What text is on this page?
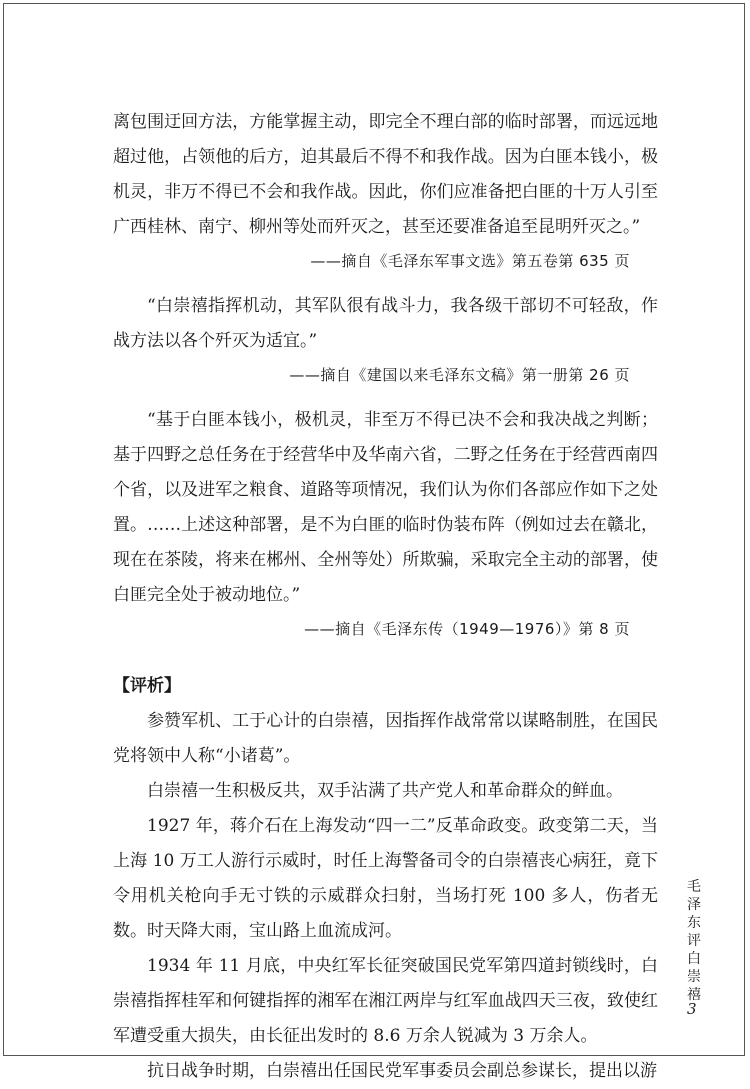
离包围迂回方法，方能掌握主动，即完全不理白部的临时部署，而远远地超过他，占领他的后方，迫其最后不得不和我作战。因为白匪本钱小，极机灵，非万不得已不会和我作战。因此，你们应准备把白匪的十万人引至广西桂林、南宁、柳州等处而歼灭之，甚至还要准备追至昆明歼灭之。”

——摘自《毛泽东军事文选》第五卷第 635 页

“白崇禧指挥机动，其军队很有战斗力，我各级干部切不可轻敌，作战方法以各个歼灭为适宜。”

——摘自《建国以来毛泽东文稿》第一册第 26 页

“基于白匪本钱小，极机灵，非至万不得已决不会和我决战之判断；基于四野之总任务在于经营华中及华南六省，二野之任务在于经营西南四个省，以及进军之粮食、道路等项情况，我们认为你们各部应作如下之处置。……上述这种部署，是不为白匪的临时伪装布阵（例如过去在赣北，现在在茶陵，将来在郴州、全州等处）所欺骗，采取完全主动的部署，使白匪完全处于被动地位。”

——摘自《毛泽东传（1949—1976）》第 8 页

【评析】

参赞军机、工于心计的白崇禧，因指挥作战常常以谋略制胜，在国民党将领中人称“小诸葛”。

白崇禧一生积极反共，双手沾满了共产党人和革命群众的鲜血。

1927 年，蒋介石在上海发动“四一二”反革命政变。政变第二天，当上海 10 万工人游行示威时，时任上海警备司令的白崇禧丧心病狂，竟下令用机关枪向手无寸铁的示威群众扫射，当场打死 100 多人，伤者无数。时天降大雨，宝山路上血流成河。

1934 年 11 月底，中央红军长征突破国民党军第四道封锁线时，白崇禧指挥桂军和何键指挥的湘军在湘江两岸与红军血战四天三夜，致使红军遭受重大损失，由长征出发时的 8.6 万余人锐减为 3 万余人。

抗日战争时期，白崇禧出任国民党军事委员会副总参谋长，提出以游

毛泽东评白崇禧
3
